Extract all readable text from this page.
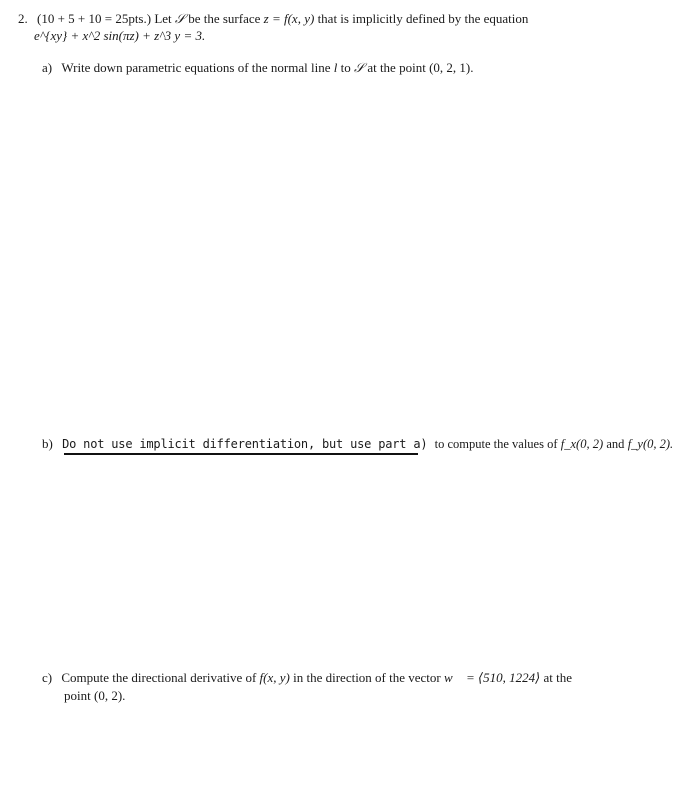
2. (10 + 5 + 10 = 25pts.) Let 𝒮 be the surface z = f(x, y) that is implicitly defined by the equation
e^{xy} + x^2 sin(πz) + z^3 y = 3.
a) Write down parametric equations of the normal line l to 𝒮 at the point (0, 2, 1).
b) Do not use implicit differentiation, but use part a) to compute the values of f_x(0, 2) and f_y(0, 2).
c) Compute the directional derivative of f(x, y) in the direction of the vector w⃗ = ⟨510, 1224⟩ at the
point (0, 2).
